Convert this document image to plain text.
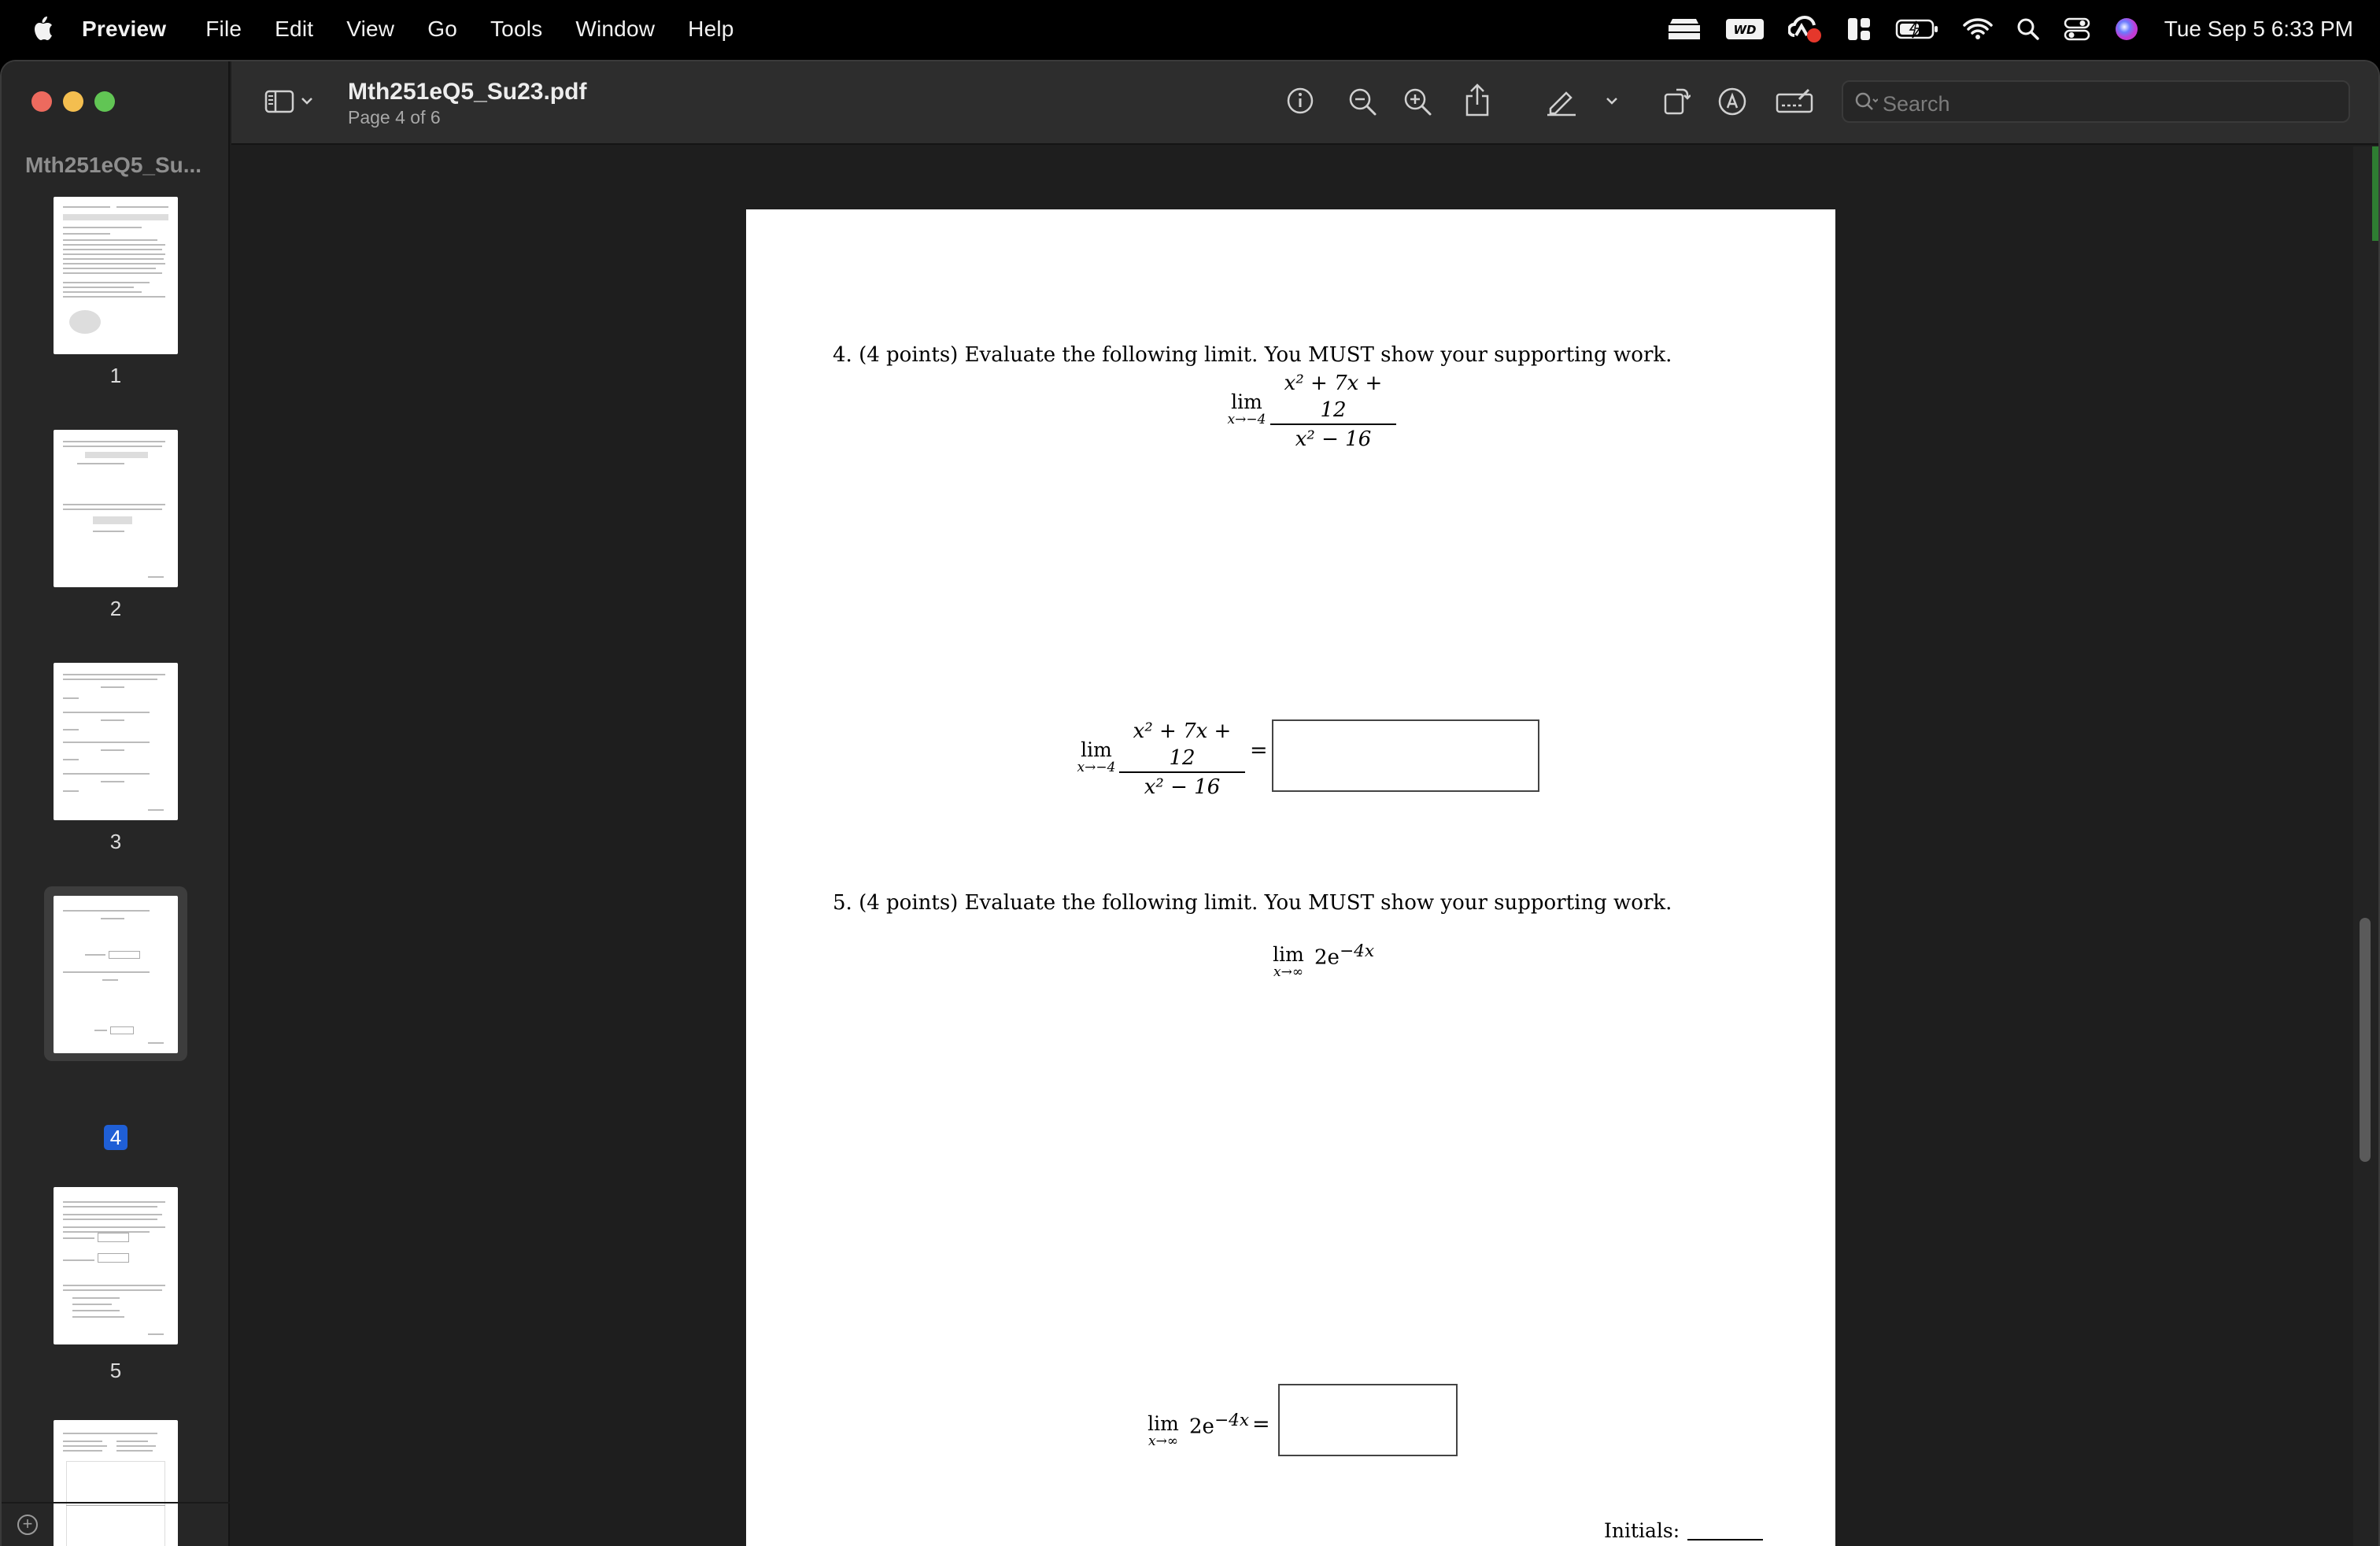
Preview File Edit View Go Tools Window Help	WD	Tue Sep 5 6:33 PM
Mth251eQ5_Su...
1
2
3
4
5
+
Mth251eQ5_Su23.pdf
Page 4 of 6
Search
4. (4 points) Evaluate the following limit. You MUST show your supporting work.
lim
$x\to-4 \frac{\text{x² + 7x + 12}}{\text{x² − 16}}$
lim
$x\to-4 \frac{\text{x² + 7x + 12}}{\text{x² − 16}}$ =
5. (4 points) Evaluate the following limit. You MUST show your supporting work.
lim
x→∞
$2e^{-4x}$
lim
x→∞
$2e^{-4x}$ =
Initials:
